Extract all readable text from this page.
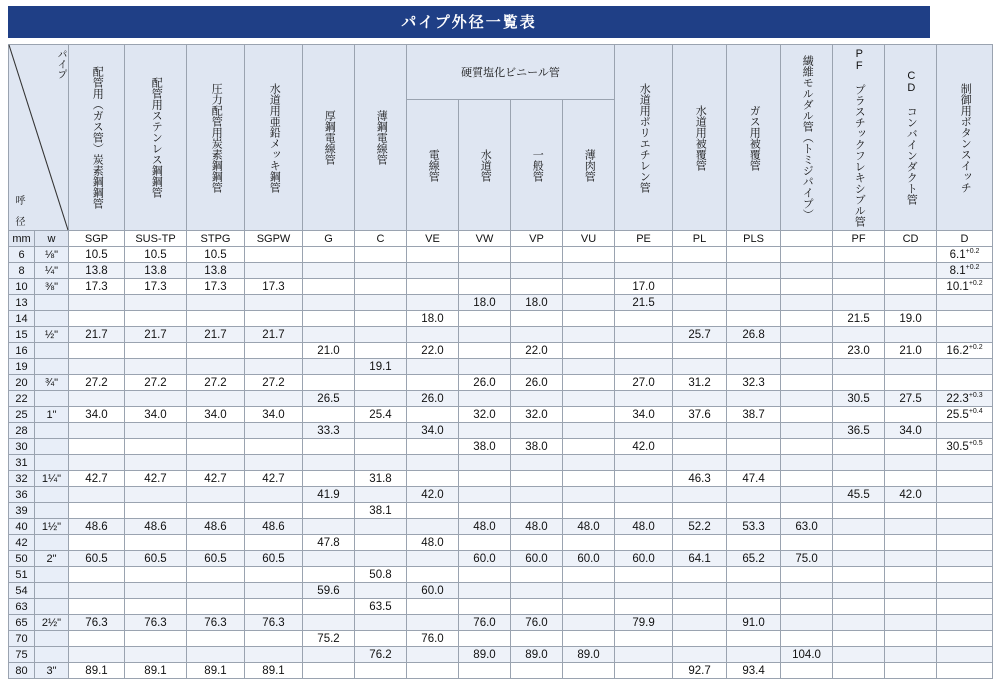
パイプ外径一覧表
パイプ
呼 径		配管用（ガス管）炭素鋼鋼管	配管用ステンレス鋼鋼管	圧力配管用炭素鋼鋼管	水道用亜鉛メッキ鋼管	厚鋼電線管	薄鋼電線管	硬質塩化ビニール管				水道用ポリエチレン管	水道用被覆管	ガス用被覆管	繊維モルダル管（トミジパイプ）	PF プラスチックフレキシブル管	CD コンバインダクト管	制御用ボタンスイッチ

								電線管	水道管	一般管	薄肉管							

mm	w	SGP	SUS-TP	STPG	SGPW	G	C	VE	VW	VP	VU	PE	PL	PLS		PF	CD	D
6	⅛"	10.5	10.5	10.5														$6.1^{+0.2}$
8	¼"	13.8	13.8	13.8														$8.1^{+0.2}$
10	⅜"	17.3	17.3	17.3	17.3							17.0						$10.1^{+0.2}$
13									18.0	18.0		21.5						
14								18.0								21.5	19.0	
15	½"	21.7	21.7	21.7	21.7								25.7	26.8				
16						21.0		22.0		22.0						23.0	21.0	$16.2^{+0.2}$
19							19.1											
20	¾"	27.2	27.2	27.2	27.2				26.0	26.0		27.0	31.2	32.3				
22						26.5		26.0								30.5	27.5	$22.3^{+0.3}$
25	1"	34.0	34.0	34.0	34.0		25.4		32.0	32.0		34.0	37.6	38.7				$25.5^{+0.4}$
28						33.3		34.0								36.5	34.0	
30									38.0	38.0		42.0						$30.5^{+0.5}$
31																		
32	1¼"	42.7	42.7	42.7	42.7		31.8						46.3	47.4				
36						41.9		42.0								45.5	42.0	
39							38.1											
40	1½"	48.6	48.6	48.6	48.6				48.0	48.0	48.0	48.0	52.2	53.3	63.0			
42						47.8		48.0										
50	2"	60.5	60.5	60.5	60.5				60.0	60.0	60.0	60.0	64.1	65.2	75.0			
51							50.8											
54						59.6		60.0										
63							63.5											
65	2½"	76.3	76.3	76.3	76.3				76.0	76.0		79.9		91.0				
70						75.2		76.0										
75							76.2		89.0	89.0	89.0				104.0			
80	3"	89.1	89.1	89.1	89.1								92.7	93.4				
